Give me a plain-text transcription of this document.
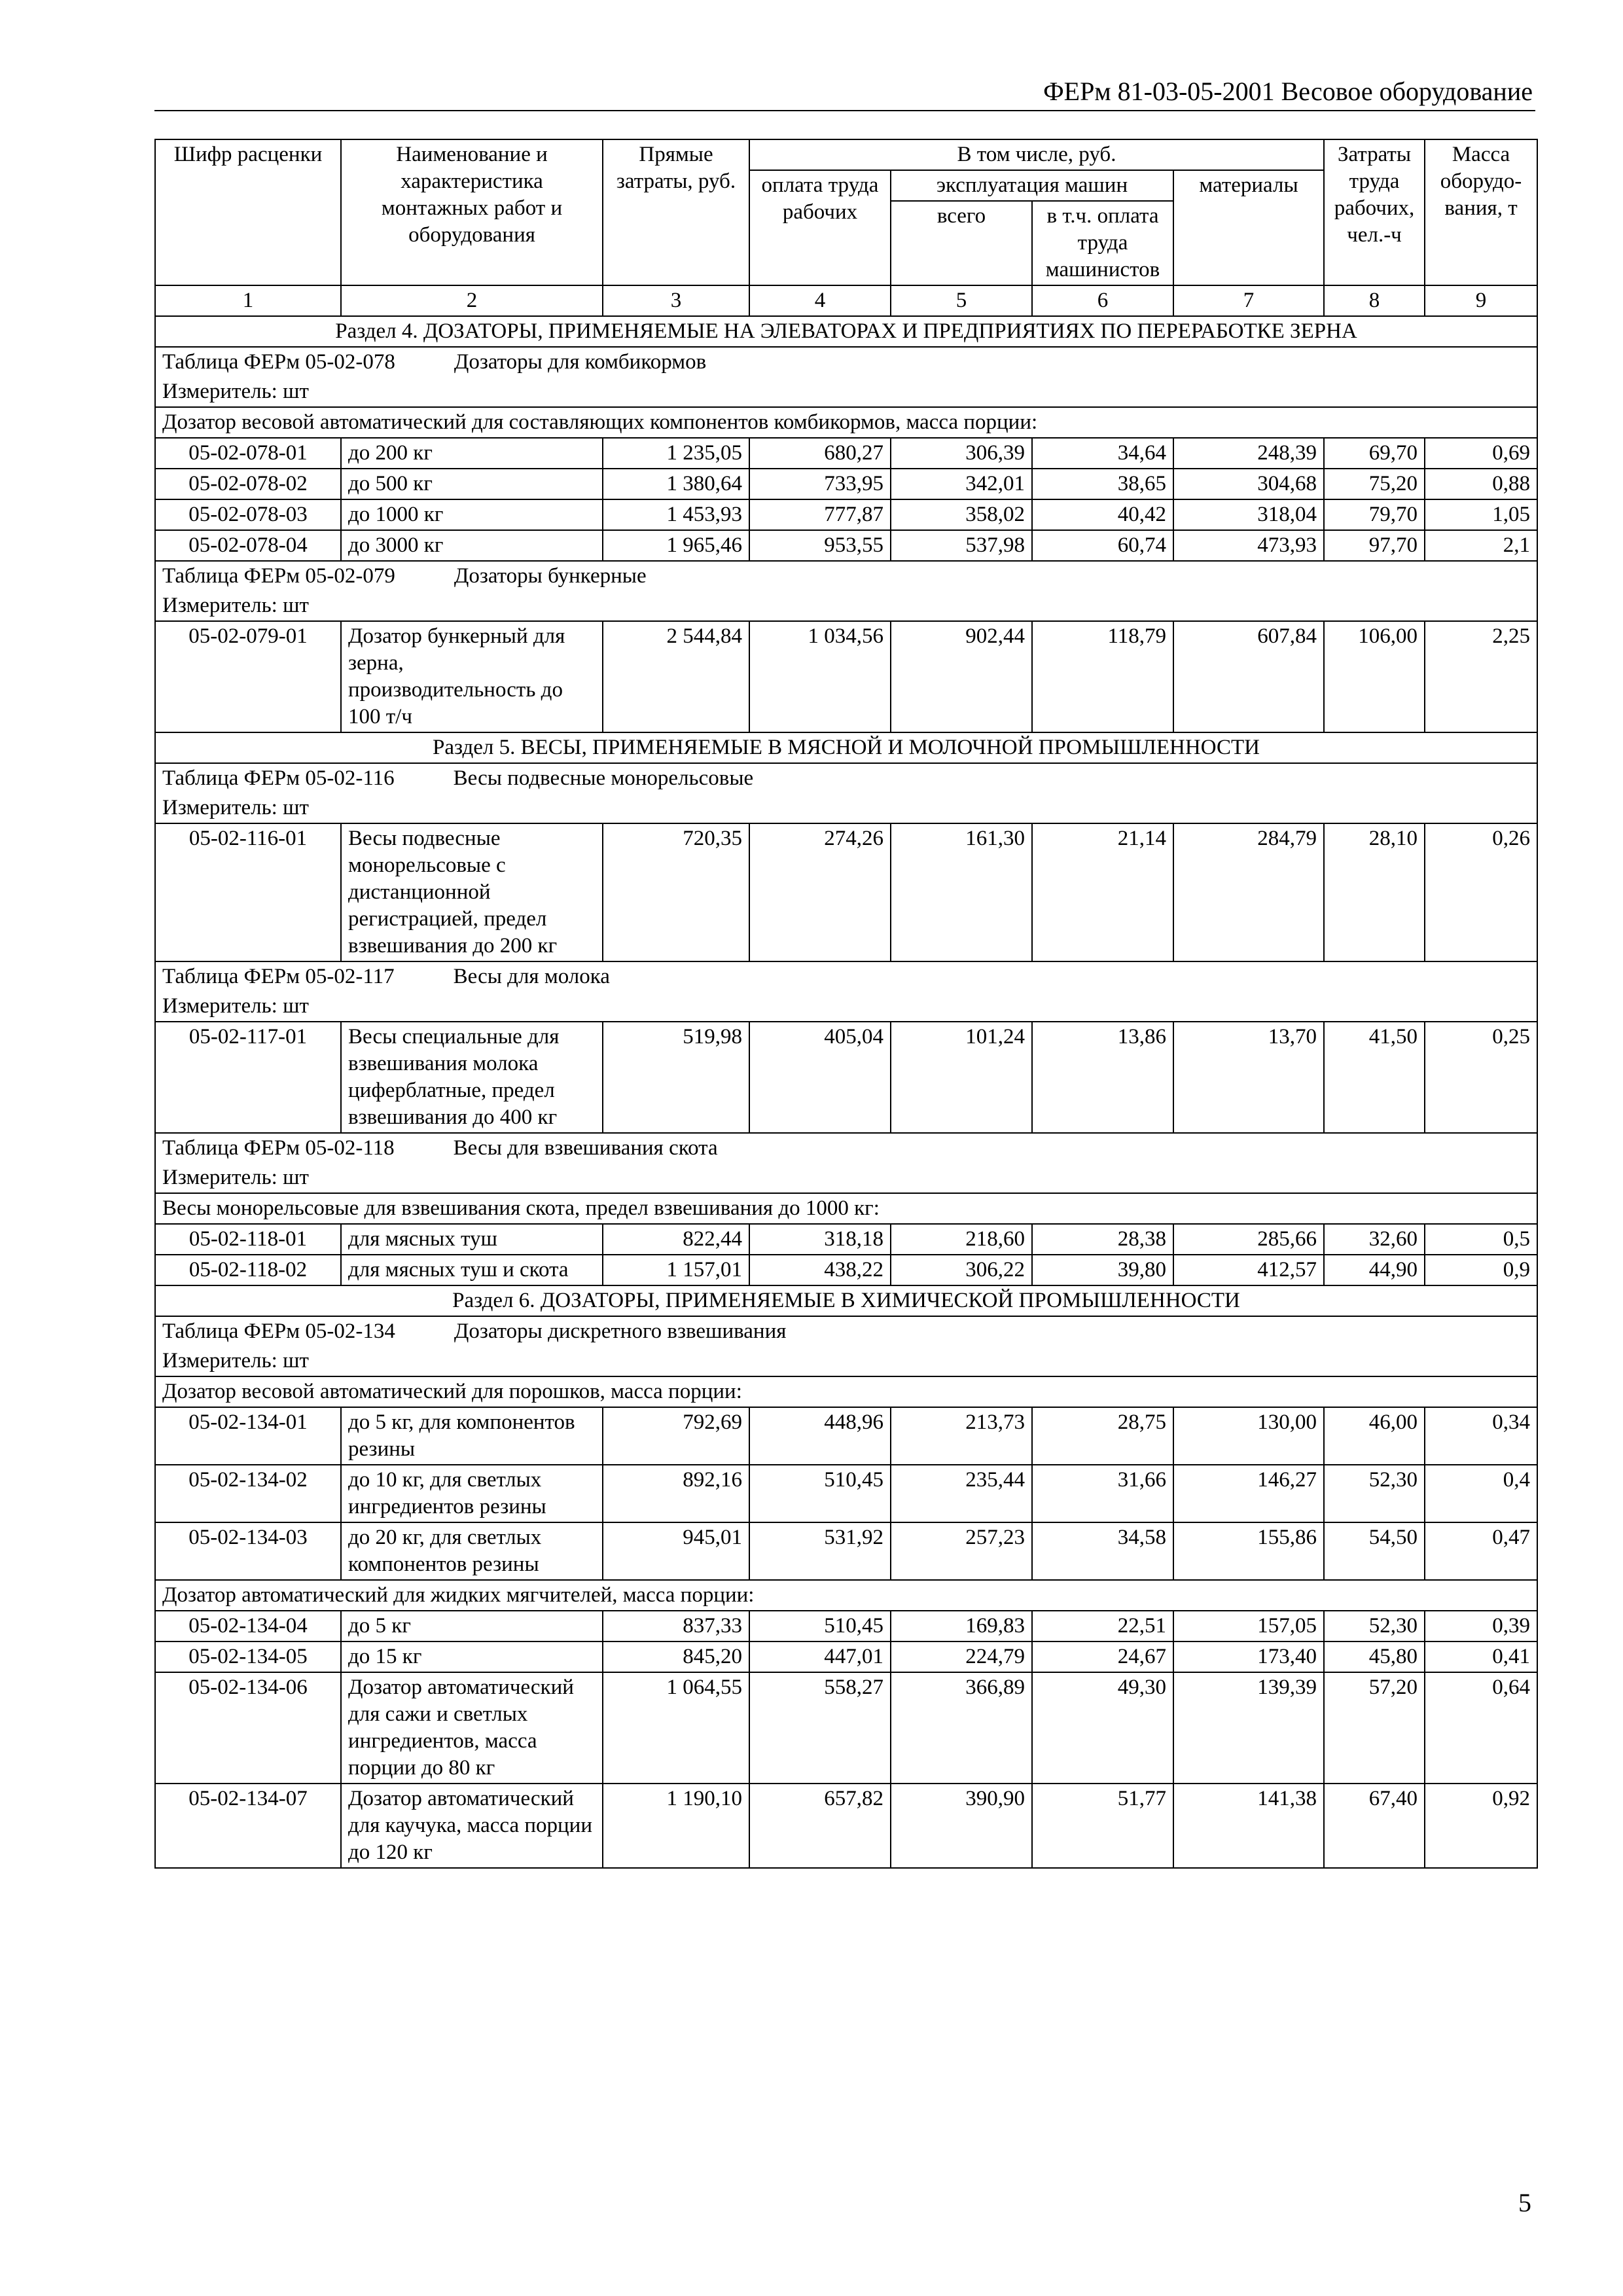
ФЕРм 81-03-05-2001 Весовое оборудование
Шифр расценки	Наименование и характеристика монтажных работ и оборудования	Прямые затраты, руб.	В том числе, руб.				Затраты труда рабочих, чел.-ч	Масса оборудо-вания, т
			оплата труда рабочих	эксплуатация машин		материалы		
				всего	в т.ч. оплата труда машинистов			
1	2	3	4	5	6	7	8	9
Раздел 4. ДОЗАТОРЫ, ПРИМЕНЯЕМЫЕ НА ЭЛЕВАТОРАХ И ПРЕДПРИЯТИЯХ ПО ПЕРЕРАБОТКЕ ЗЕРНА								
Таблица ФЕРм 05-02-078 Дозаторы для комбикормов								
Измеритель: шт								
Дозатор весовой автоматический для составляющих компонентов комбикормов, масса порции:								
05-02-078-01	до 200 кг	1 235,05	680,27	306,39	34,64	248,39	69,70	0,69
05-02-078-02	до 500 кг	1 380,64	733,95	342,01	38,65	304,68	75,20	0,88
05-02-078-03	до 1000 кг	1 453,93	777,87	358,02	40,42	318,04	79,70	1,05
05-02-078-04	до 3000 кг	1 965,46	953,55	537,98	60,74	473,93	97,70	2,1
Таблица ФЕРм 05-02-079 Дозаторы бункерные								
Измеритель: шт								
05-02-079-01	Дозатор бункерный для зерна, производительность до 100 т/ч	2 544,84	1 034,56	902,44	118,79	607,84	106,00	2,25
Раздел 5. ВЕСЫ, ПРИМЕНЯЕМЫЕ В МЯСНОЙ И МОЛОЧНОЙ ПРОМЫШЛЕННОСТИ								
Таблица ФЕРм 05-02-116 Весы подвесные монорельсовые								
Измеритель: шт								
05-02-116-01	Весы подвесные монорельсовые с дистанционной регистрацией, предел взвешивания до 200 кг	720,35	274,26	161,30	21,14	284,79	28,10	0,26
Таблица ФЕРм 05-02-117 Весы для молока								
Измеритель: шт								
05-02-117-01	Весы специальные для взвешивания молока циферблатные, предел взвешивания до 400 кг	519,98	405,04	101,24	13,86	13,70	41,50	0,25
Таблица ФЕРм 05-02-118 Весы для взвешивания скота								
Измеритель: шт								
Весы монорельсовые для взвешивания скота, предел взвешивания до 1000 кг:								
05-02-118-01	для мясных туш	822,44	318,18	218,60	28,38	285,66	32,60	0,5
05-02-118-02	для мясных туш и скота	1 157,01	438,22	306,22	39,80	412,57	44,90	0,9
Раздел 6. ДОЗАТОРЫ, ПРИМЕНЯЕМЫЕ В ХИМИЧЕСКОЙ ПРОМЫШЛЕННОСТИ								
Таблица ФЕРм 05-02-134 Дозаторы дискретного взвешивания								
Измеритель: шт								
Дозатор весовой автоматический для порошков, масса порции:								
05-02-134-01	до 5 кг, для компонентов резины	792,69	448,96	213,73	28,75	130,00	46,00	0,34
05-02-134-02	до 10 кг, для светлых ингредиентов резины	892,16	510,45	235,44	31,66	146,27	52,30	0,4
05-02-134-03	до 20 кг, для светлых компонентов резины	945,01	531,92	257,23	34,58	155,86	54,50	0,47
Дозатор автоматический для жидких мягчителей, масса порции:								
05-02-134-04	до 5 кг	837,33	510,45	169,83	22,51	157,05	52,30	0,39
05-02-134-05	до 15 кг	845,20	447,01	224,79	24,67	173,40	45,80	0,41
05-02-134-06	Дозатор автоматический для сажи и светлых ингредиентов, масса порции до 80 кг	1 064,55	558,27	366,89	49,30	139,39	57,20	0,64
05-02-134-07	Дозатор автоматический для каучука, масса порции до 120 кг	1 190,10	657,82	390,90	51,77	141,38	67,40	0,92
5
